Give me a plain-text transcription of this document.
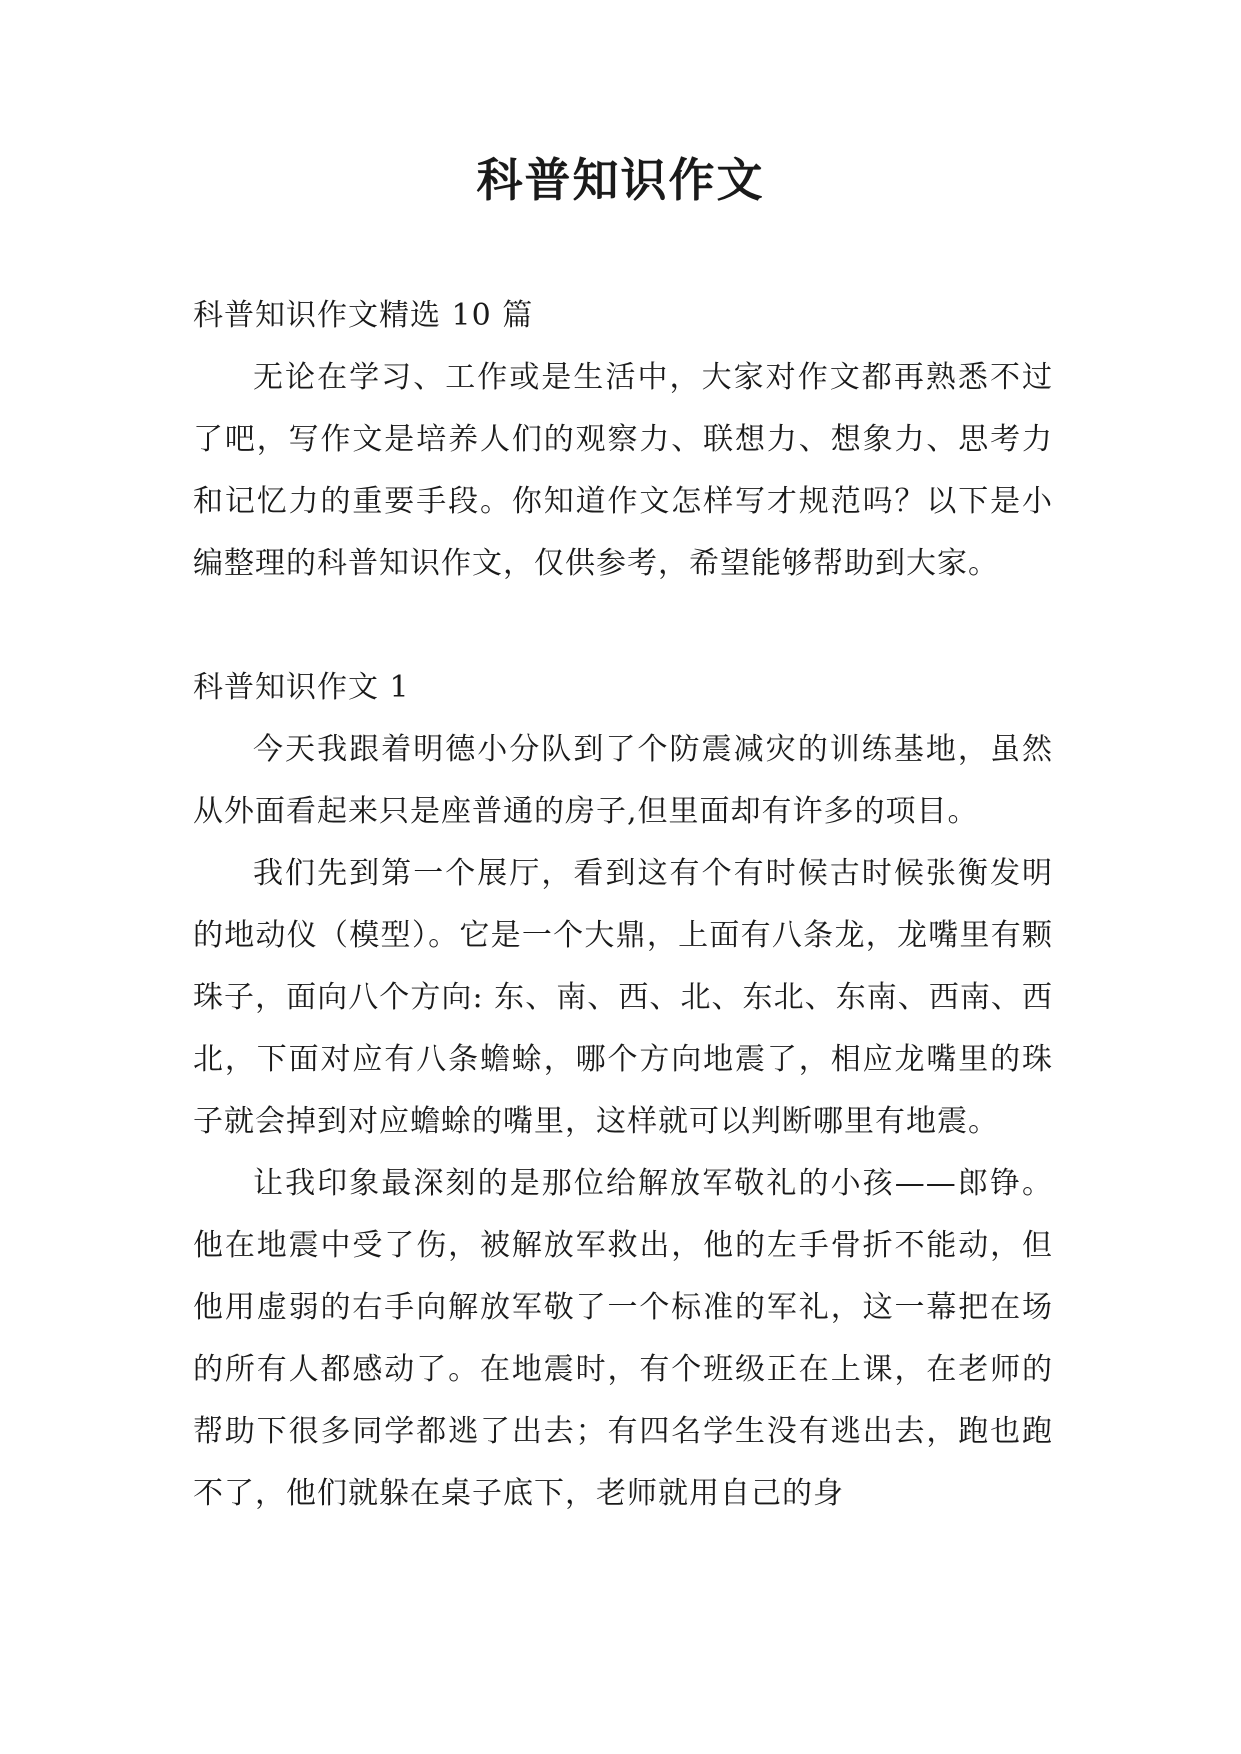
科普知识作文

科普知识作文精选 10 篇

无论在学习、工作或是生活中，大家对作文都再熟悉不过了吧，写作文是培养人们的观察力、联想力、想象力、思考力和记忆力的重要手段。你知道作文怎样写才规范吗？以下是小编整理的科普知识作文，仅供参考，希望能够帮助到大家。

科普知识作文 1

今天我跟着明德小分队到了个防震减灾的训练基地，虽然从外面看起来只是座普通的房子,但里面却有许多的项目。

我们先到第一个展厅，看到这有个有时候古时候张衡发明的地动仪（模型）。它是一个大鼎，上面有八条龙，龙嘴里有颗珠子，面向八个方向: 东、南、西、北、东北、东南、西南、西北，下面对应有八条蟾蜍，哪个方向地震了，相应龙嘴里的珠子就会掉到对应蟾蜍的嘴里，这样就可以判断哪里有地震。

让我印象最深刻的是那位给解放军敬礼的小孩——郎铮。他在地震中受了伤，被解放军救出，他的左手骨折不能动，但他用虚弱的右手向解放军敬了一个标准的军礼，这一幕把在场的所有人都感动了。在地震时，有个班级正在上课，在老师的帮助下很多同学都逃了出去；有四名学生没有逃出去，跑也跑不了，他们就躲在桌子底下，老师就用自己的身
